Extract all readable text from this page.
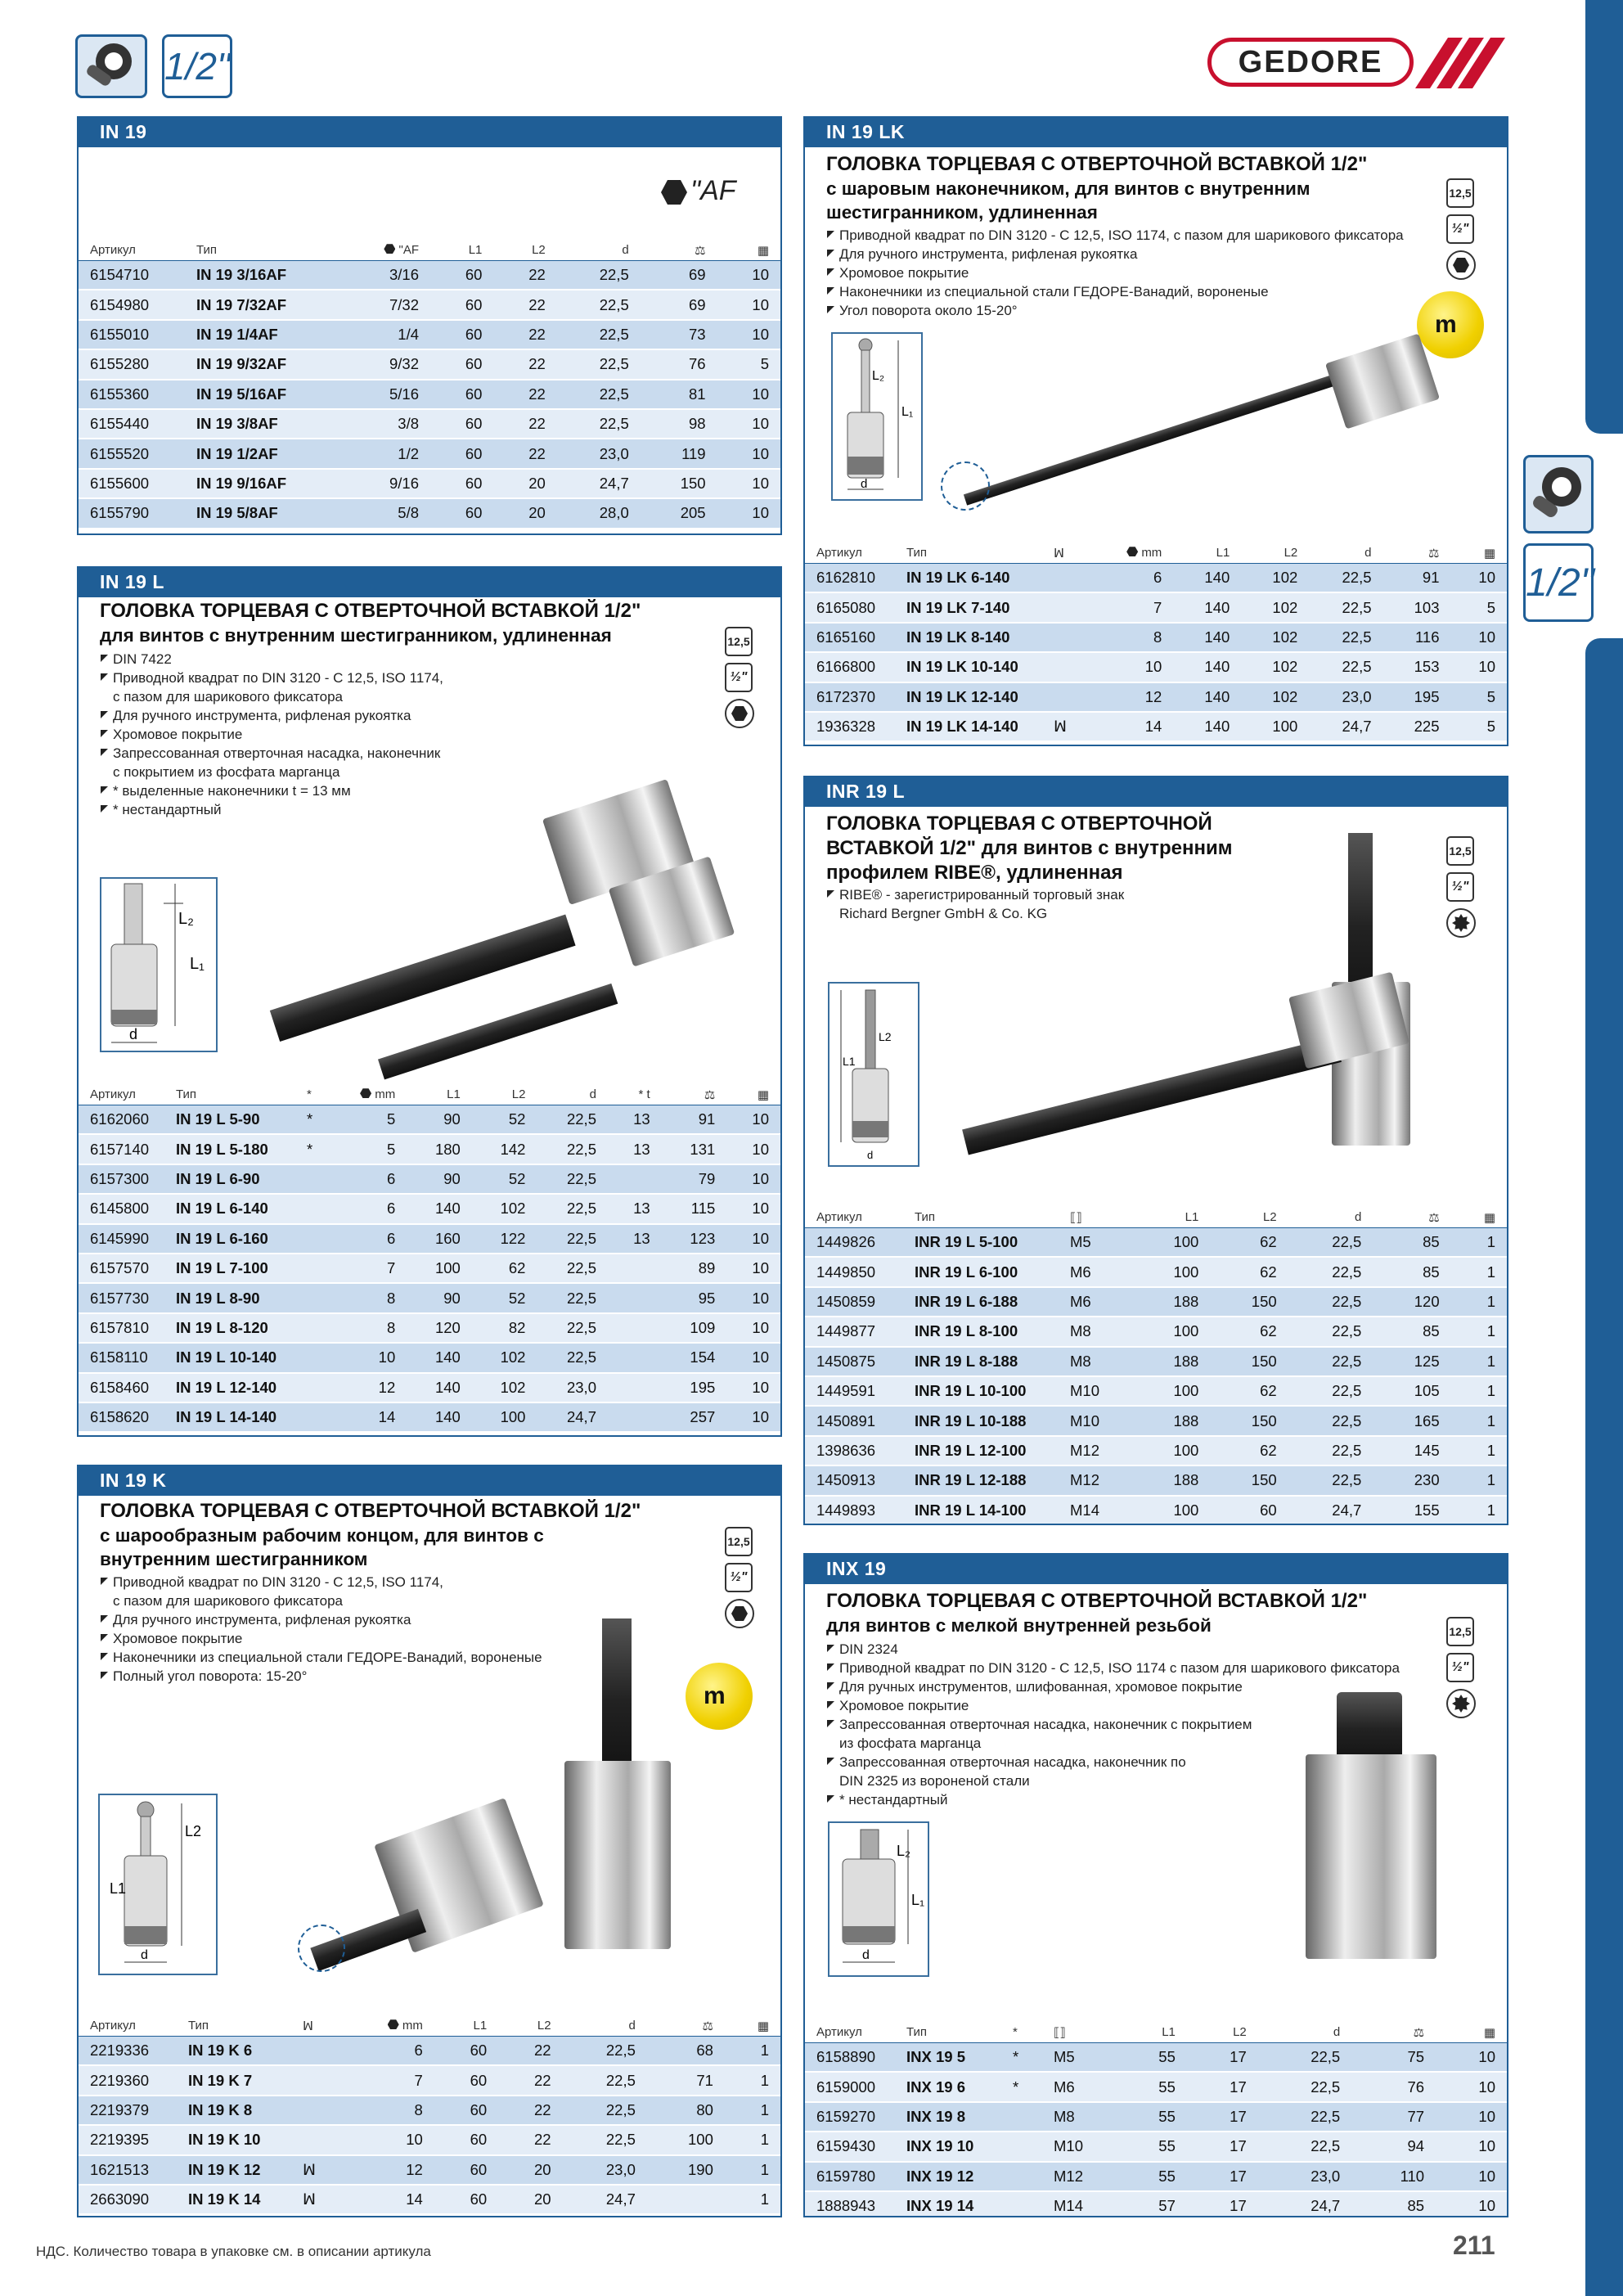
1/2"	GEDORE
1/2"
IN 19
"AF
Артикул	Тип	"AF	L1	L2	d	⚖	▦
6154710	IN 19 3/16AF	3/16	60	22	22,5	69	10
6154980	IN 19 7/32AF	7/32	60	22	22,5	69	10
6155010	IN 19 1/4AF	1/4	60	22	22,5	73	10
6155280	IN 19 9/32AF	9/32	60	22	22,5	76	5
6155360	IN 19 5/16AF	5/16	60	22	22,5	81	10
6155440	IN 19 3/8AF	3/8	60	22	22,5	98	10
6155520	IN 19 1/2AF	1/2	60	22	23,0	119	10
6155600	IN 19 9/16AF	9/16	60	20	24,7	150	10
6155790	IN 19 5/8AF	5/8	60	20	28,0	205	10
IN 19 L
ГОЛОВКА ТОРЦЕВАЯ С ОТВЕРТОЧНОЙ ВСТАВКОЙ 1/2"
для винтов с внутренним шестигранником, удлиненная
DIN 7422
Приводной квадрат по DIN 3120 - C 12,5, ISO 1174,
с пазом для шарикового фиксатора
Для ручного инструмента, рифленая рукоятка
Хромовое покрытие
Запрессованная отверточная насадка, наконечник
с покрытием из фосфата марганца
* выделенные наконечники t = 13 мм
* нестандартный
12,5
½"
L₂
L₁
d
Артикул	Тип	*	mm	L1	L2	d	* t	⚖	▦
6162060	IN 19 L 5-90	*	5	90	52	22,5	13	91	10
6157140	IN 19 L 5-180	*	5	180	142	22,5	13	131	10
6157300	IN 19 L 6-90		6	90	52	22,5		79	10
6145800	IN 19 L 6-140		6	140	102	22,5	13	115	10
6145990	IN 19 L 6-160		6	160	122	22,5	13	123	10
6157570	IN 19 L 7-100		7	100	62	22,5		89	10
6157730	IN 19 L 8-90		8	90	52	22,5		95	10
6157810	IN 19 L 8-120		8	120	82	22,5		109	10
6158110	IN 19 L 10-140		10	140	102	22,5		154	10
6158460	IN 19 L 12-140		12	140	102	23,0		195	10
6158620	IN 19 L 14-140		14	140	100	24,7		257	10
IN 19 K
ГОЛОВКА ТОРЦЕВАЯ С ОТВЕРТОЧНОЙ ВСТАВКОЙ 1/2"
с шарообразным рабочим концом, для винтов с
внутренним шестигранником
Приводной квадрат по DIN 3120 - C 12,5, ISO 1174,
с пазом для шарикового фиксатора
Для ручного инструмента, рифленая рукоятка
Хромовое покрытие
Наконечники из специальной стали ГЕДОРЕ-Ванадий, вороненые
Полный угол поворота: 15-20°
12,5
½"
m
L2
L1
d
Артикул	Тип	ꟽ	mm	L1	L2	d	⚖	▦
2219336	IN 19 K 6		6	60	22	22,5	68	1
2219360	IN 19 K 7		7	60	22	22,5	71	1
2219379	IN 19 K 8		8	60	22	22,5	80	1
2219395	IN 19 K 10		10	60	22	22,5	100	1
1621513	IN 19 K 12	ꟽ	12	60	20	23,0	190	1
2663090	IN 19 K 14	ꟽ	14	60	20	24,7		1
IN 19 LK
ГОЛОВКА ТОРЦЕВАЯ С ОТВЕРТОЧНОЙ ВСТАВКОЙ 1/2"
с шаровым наконечником, для винтов с внутренним
шестигранником, удлиненная
Приводной квадрат по DIN 3120 - C 12,5, ISO 1174, с пазом для шарикового фиксатора
Для ручного инструмента, рифленая рукоятка
Хромовое покрытие
Наконечники из специальной стали ГЕДОРЕ-Ванадий, вороненые
Угол поворота около 15-20°
12,5
½"
m
L₂
L₁
d
Артикул	Тип	ꟽ	mm	L1	L2	d	⚖	▦
6162810	IN 19 LK 6-140		6	140	102	22,5	91	10
6165080	IN 19 LK 7-140		7	140	102	22,5	103	5
6165160	IN 19 LK 8-140		8	140	102	22,5	116	10
6166800	IN 19 LK 10-140		10	140	102	22,5	153	10
6172370	IN 19 LK 12-140		12	140	102	23,0	195	5
1936328	IN 19 LK 14-140	ꟽ	14	140	100	24,7	225	5
INR 19 L
ГОЛОВКА ТОРЦЕВАЯ С ОТВЕРТОЧНОЙ
ВСТАВКОЙ 1/2" для винтов с внутренним
профилем RIBE®, удлиненная
RIBE® - зарегистрированный торговый знак
Richard Bergner GmbH & Co. KG
12,5
½"
L1
L2
d
Артикул	Тип	⟦⟧	L1	L2	d	⚖	▦
1449826	INR 19 L 5-100	M5	100	62	22,5	85	1
1449850	INR 19 L 6-100	M6	100	62	22,5	85	1
1450859	INR 19 L 6-188	M6	188	150	22,5	120	1
1449877	INR 19 L 8-100	M8	100	62	22,5	85	1
1450875	INR 19 L 8-188	M8	188	150	22,5	125	1
1449591	INR 19 L 10-100	M10	100	62	22,5	105	1
1450891	INR 19 L 10-188	M10	188	150	22,5	165	1
1398636	INR 19 L 12-100	M12	100	62	22,5	145	1
1450913	INR 19 L 12-188	M12	188	150	22,5	230	1
1449893	INR 19 L 14-100	M14	100	60	24,7	155	1
INX 19
ГОЛОВКА ТОРЦЕВАЯ С ОТВЕРТОЧНОЙ ВСТАВКОЙ 1/2"
для винтов с мелкой внутренней резьбой
DIN 2324
Приводной квадрат по DIN 3120 - C 12,5, ISO 1174 с пазом для шарикового фиксатора
Для ручных инструментов, шлифованная, хромовое покрытие
Хромовое покрытие
Запрессованная отверточная насадка, наконечник с покрытием
из фосфата марганца
Запрессованная отверточная насадка, наконечник по
DIN 2325 из вороненой стали
* нестандартный
12,5
½"
L₂
L₁
d
Артикул	Тип	*	⟦⟧	L1	L2	d	⚖	▦
6158890	INX 19 5	*	M5	55	17	22,5	75	10
6159000	INX 19 6	*	M6	55	17	22,5	76	10
6159270	INX 19 8		M8	55	17	22,5	77	10
6159430	INX 19 10		M10	55	17	22,5	94	10
6159780	INX 19 12		M12	55	17	23,0	110	10
1888943	INX 19 14		M14	57	17	24,7	85	10
НДС. Количество товара в упаковке см. в описании артикула	211
